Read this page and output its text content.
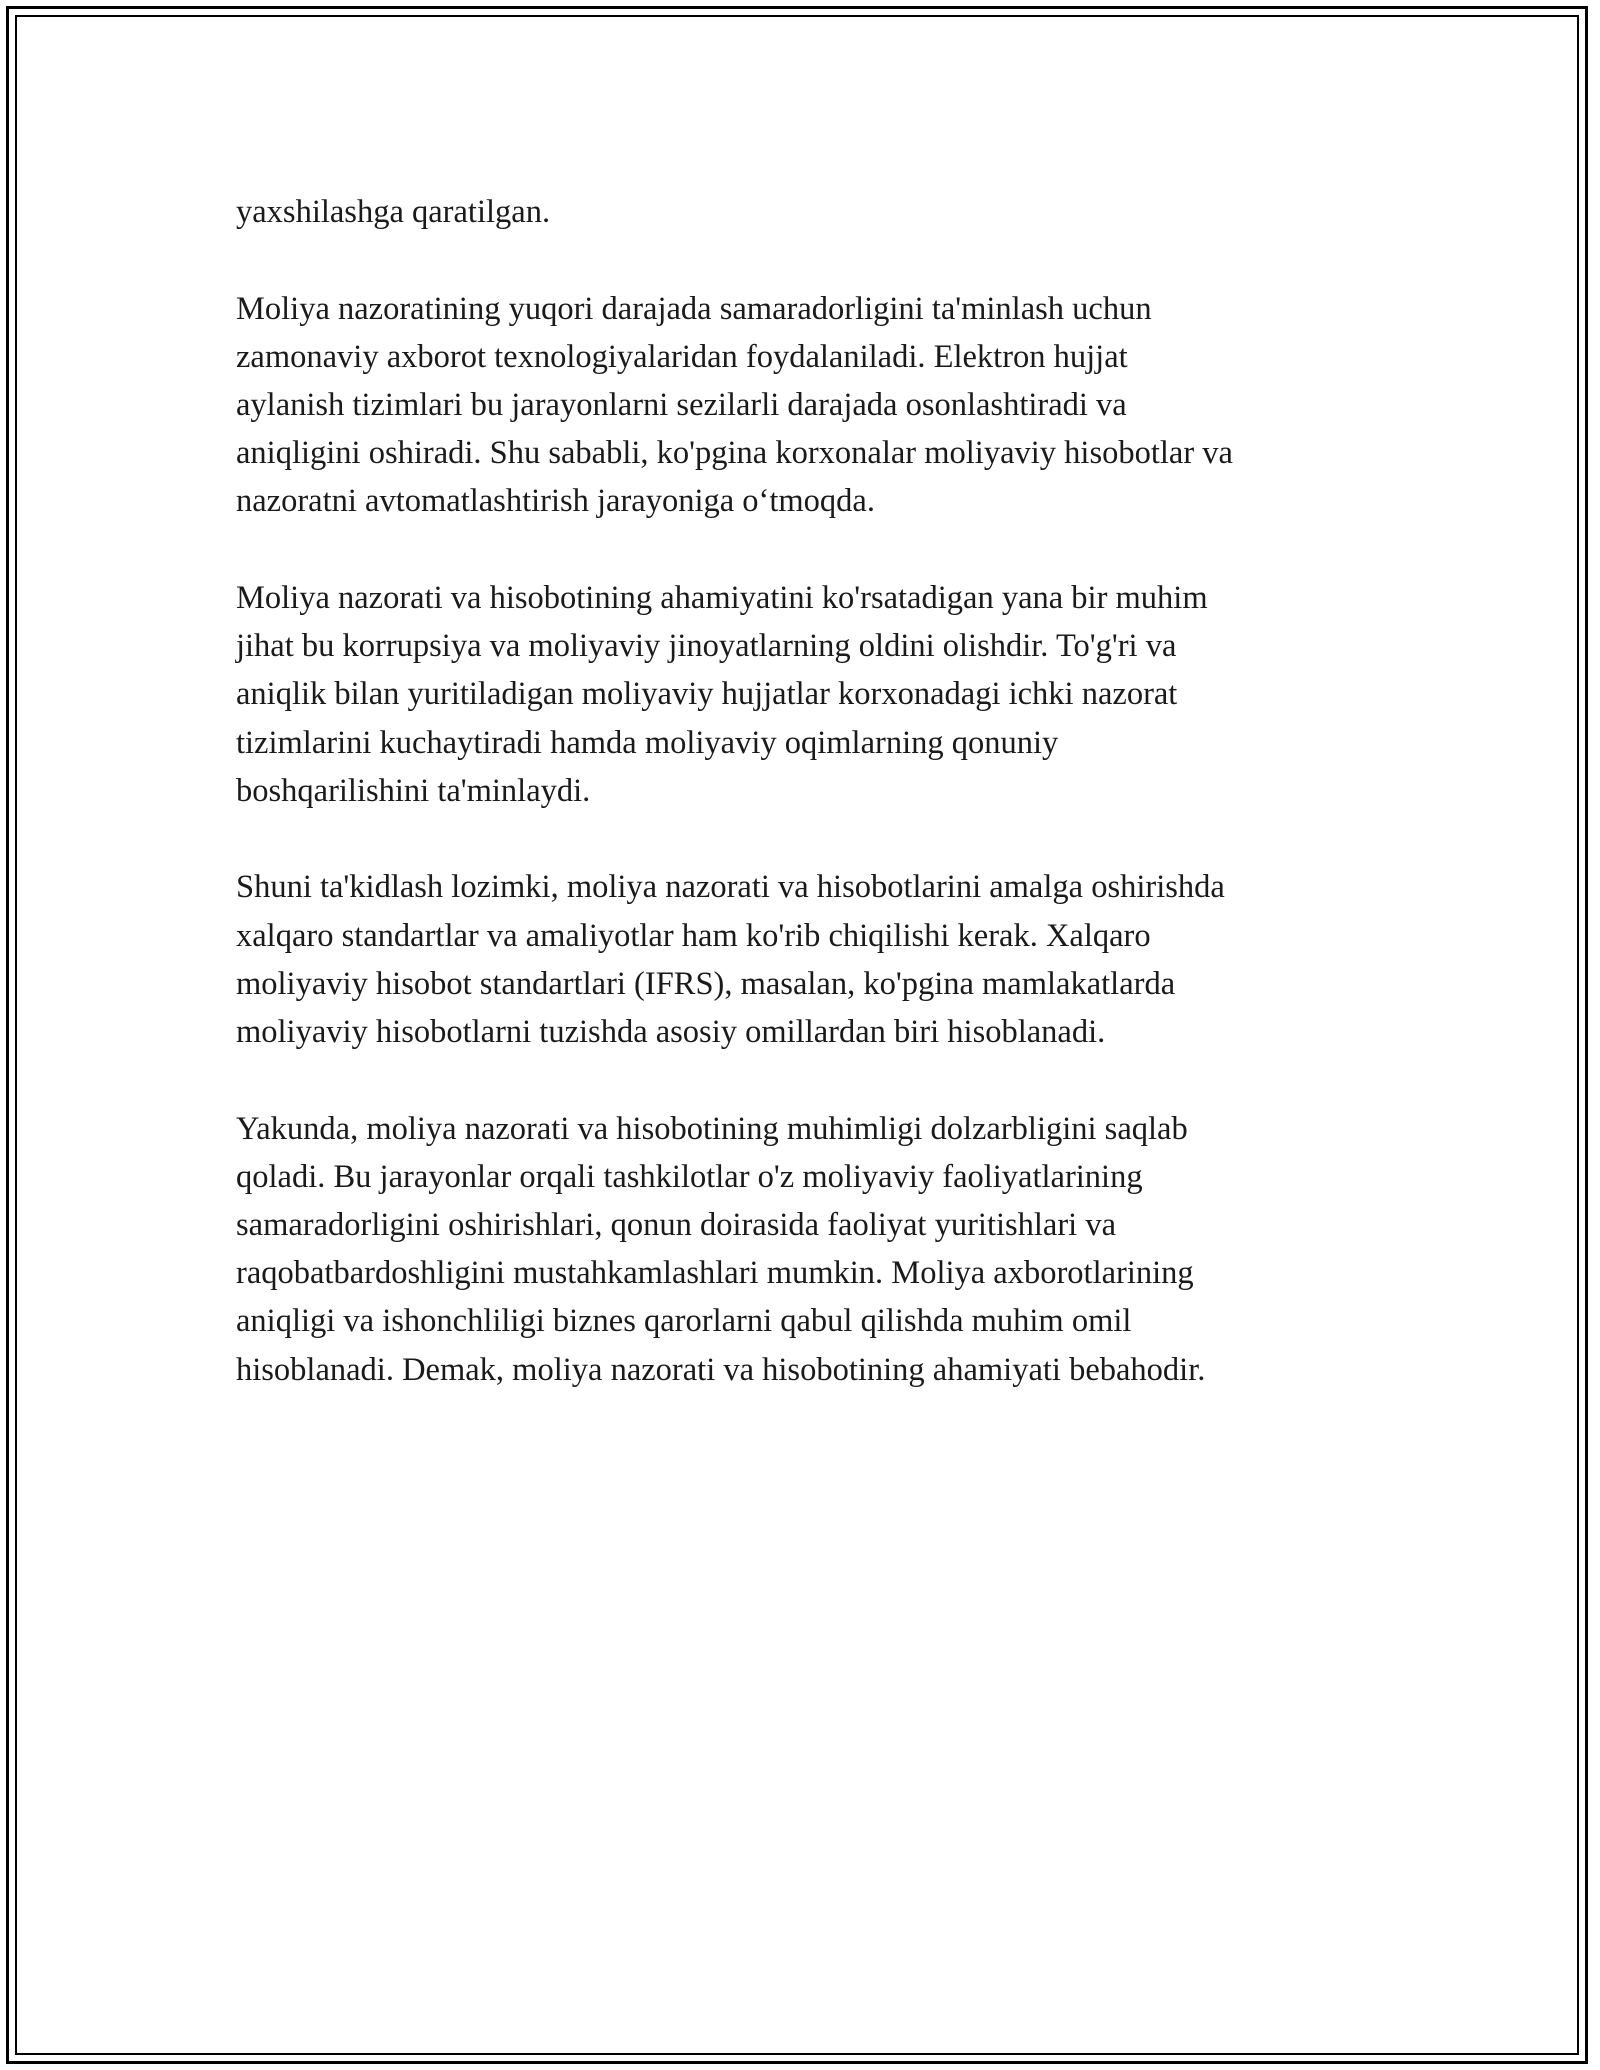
yaxshilashga qaratilgan.

Moliya nazoratining yuqori darajada samaradorligini ta'minlash uchun
zamonaviy axborot texnologiyalaridan foydalaniladi. Elektron hujjat
aylanish tizimlari bu jarayonlarni sezilarli darajada osonlashtiradi va
aniqligini oshiradi. Shu sababli, ko'pgina korxonalar moliyaviy hisobotlar va
nazoratni avtomatlashtirish jarayoniga o‘tmoqda.

Moliya nazorati va hisobotining ahamiyatini ko'rsatadigan yana bir muhim
jihat bu korrupsiya va moliyaviy jinoyatlarning oldini olishdir. To'g'ri va
aniqlik bilan yuritiladigan moliyaviy hujjatlar korxonadagi ichki nazorat
tizimlarini kuchaytiradi hamda moliyaviy oqimlarning qonuniy
boshqarilishini ta'minlaydi.

Shuni ta'kidlash lozimki, moliya nazorati va hisobotlarini amalga oshirishda
xalqaro standartlar va amaliyotlar ham ko'rib chiqilishi kerak. Xalqaro
moliyaviy hisobot standartlari (IFRS), masalan, ko'pgina mamlakatlarda
moliyaviy hisobotlarni tuzishda asosiy omillardan biri hisoblanadi.

Yakunda, moliya nazorati va hisobotining muhimligi dolzarbligini saqlab
qoladi. Bu jarayonlar orqali tashkilotlar o'z moliyaviy faoliyatlarining
samaradorligini oshirishlari, qonun doirasida faoliyat yuritishlari va
raqobatbardoshligini mustahkamlashlari mumkin. Moliya axborotlarining
aniqligi va ishonchliligi biznes qarorlarni qabul qilishda muhim omil
hisoblanadi. Demak, moliya nazorati va hisobotining ahamiyati bebahodir.
